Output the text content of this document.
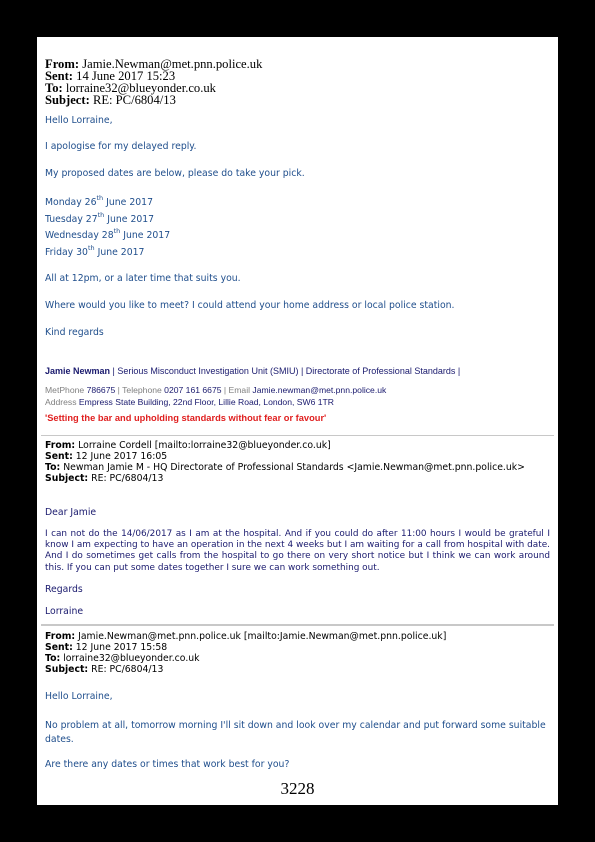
From: Jamie.Newman@met.pnn.police.uk
Sent: 14 June 2017 15:23
To: lorraine32@blueyonder.co.uk
Subject: RE: PC/6804/13
Hello Lorraine,
I apologise for my delayed reply.
My proposed dates are below, please do take your pick.
Monday 26th June 2017
Tuesday 27th June 2017
Wednesday 28th June 2017
Friday 30th June 2017
All at 12pm, or a later time that suits you.
Where would you like to meet? I could attend your home address or local police station.
Kind regards
Jamie Newman | Serious Misconduct Investigation Unit (SMIU) | Directorate of Professional Standards |
MetPhone 786675 | Telephone 0207 161 6675 | Email Jamie.newman@met.pnn.police.uk
Address Empress State Building, 22nd Floor, Lillie Road, London, SW6 1TR
'Setting the bar and upholding standards without fear or favour'
From: Lorraine Cordell [mailto:lorraine32@blueyonder.co.uk]
Sent: 12 June 2017 16:05
To: Newman Jamie M - HQ Directorate of Professional Standards <Jamie.Newman@met.pnn.police.uk>
Subject: RE: PC/6804/13
Dear Jamie
I can not do the 14/06/2017 as I am at the hospital. And if you could do after 11:00 hours I would be grateful I know I am expecting to have an operation in the next 4 weeks but I am waiting for a call from hospital with date. And I do sometimes get calls from the hospital to go there on very short notice but I think we can work around this. If you can put some dates together I sure we can work something out.
Regards
Lorraine
From: Jamie.Newman@met.pnn.police.uk [mailto:Jamie.Newman@met.pnn.police.uk]
Sent: 12 June 2017 15:58
To: lorraine32@blueyonder.co.uk
Subject: RE: PC/6804/13
Hello Lorraine,
No problem at all, tomorrow morning I'll sit down and look over my calendar and put forward some suitable dates.
Are there any dates or times that work best for you?
3228
